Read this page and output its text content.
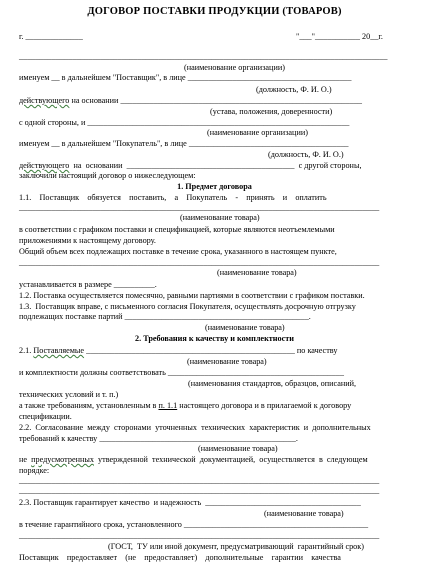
ДОГОВОР ПОСТАВКИ ПРОДУКЦИИ (ТОВАРОВ)
г. ______________	"___"___________ 20__г.
__________________________________________________________________________________________
(наименование организации)
именуем __ в дальнейшем "Поставщик", в лице ________________________________________
(должность, Ф. И. О.)
действующего на основании ___________________________________________________________
(устава, положения, доверенности)
с одной стороны, и ________________________________________________________________
(наименование организации)
именуем __ в дальнейшем "Покупатель", в лице _______________________________________
(должность, Ф. И. О.)
действующего  на  основании  _________________________________________  с другой стороны,
заключили настоящий договор о нижеследующем:
1. Предмет договора
1.1.    Поставщик    обязуется    поставить,    а    Покупатель    -    принять    и    оплатить
________________________________________________________________________________________
(наименование товара)
в соответствии с графиком поставки и спецификацией, которые являются неотъемлемыми
приложениями к настоящему договору.
Общий объем всех подлежащих поставке в течение срока, указанного в настоящем пункте,
________________________________________________________________________________________
(наименование товара)
устанавливается в размере __________.
1.2. Поставка осуществляется помесячно, равными партиями в соответствии с графиком поставки.
1.3.  Поставщик вправе, с письменного согласия Покупателя, осуществлять досрочную отгрузку
подлежащих поставке партий _____________________________________________.
(наименование товара)
2. Требования к качеству и комплектности
2.1. Поставляемые ___________________________________________________ по качеству
(наименование товара)
и комплектности должны соответствовать ___________________________________________
(наименования стандартов, образцов, описаний,
технических условий и т. п.)
а также требованиям, установленным в п. 1.1 настоящего договора и в прилагаемой к договору
спецификации.
2.2.  Согласование  между  сторонами  уточненных  технических  характеристик  и  дополнительных
требований к качеству ________________________________________________.
(наименование товара)
не  предусмотренных  утвержденной  технической  документацией,  осуществляется  в  следующем
порядке:
________________________________________________________________________________________
________________________________________________________________________________________
2.3. Поставщик гарантирует качество  и надежность  ______________________________________
(наименование товара)
в течение гарантийного срока, установленного _____________________________________________
________________________________________________________________________________________
(ГОСТ,  ТУ или иной документ, предусматривающий  гарантийный срок)
Поставщик    предоставляет    (не    предоставляет)    дополнительные    гарантии    качества
